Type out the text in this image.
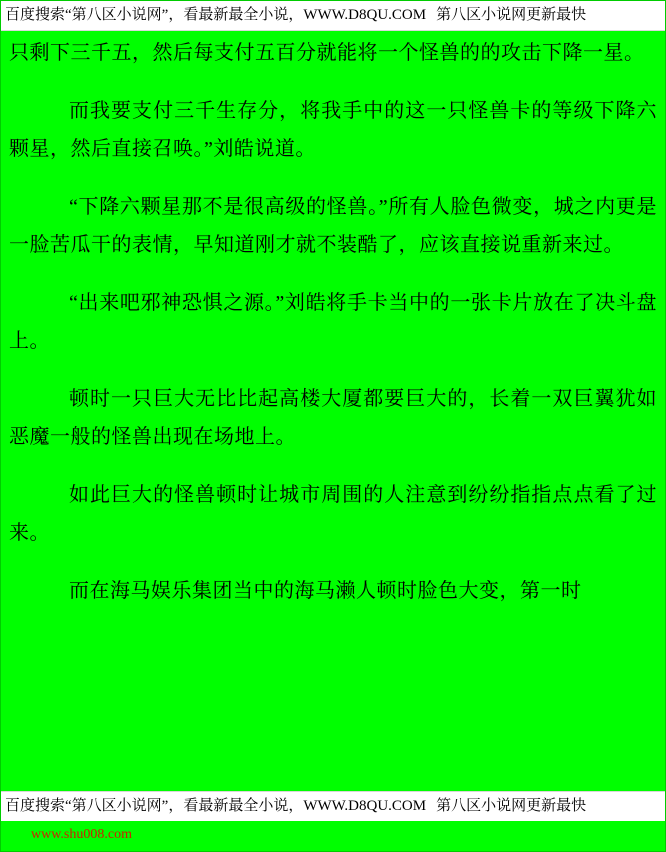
百度搜索“第八区小说网”，看最新最全小说，WWW.D8QU.COM 第八区小说网更新最快

只剩下三千五，然后每支付五百分就能将一个怪兽的的攻击下降一星。

而我要支付三千生存分，将我手中的这一只怪兽卡的等级下降六颗星，然后直接召唤。”刘皓说道。

“下降六颗星那不是很高级的怪兽。”所有人脸色微变，城之内更是一脸苦瓜干的表情，早知道刚才就不装酷了，应该直接说重新来过。

“出来吧邪神恐惧之源。”刘皓将手卡当中的一张卡片放在了决斗盘上。

顿时一只巨大无比比起高楼大厦都要巨大的，长着一双巨翼犹如恶魔一般的怪兽出现在场地上。

如此巨大的怪兽顿时让城市周围的人注意到纷纷指指点点看了过来。

而在海马娱乐集团当中的海马濑人顿时脸色大变，第一时

百度搜索“第八区小说网”，看最新最全小说，WWW.D8QU.COM 第八区小说网更新最快
www.shu008.com
